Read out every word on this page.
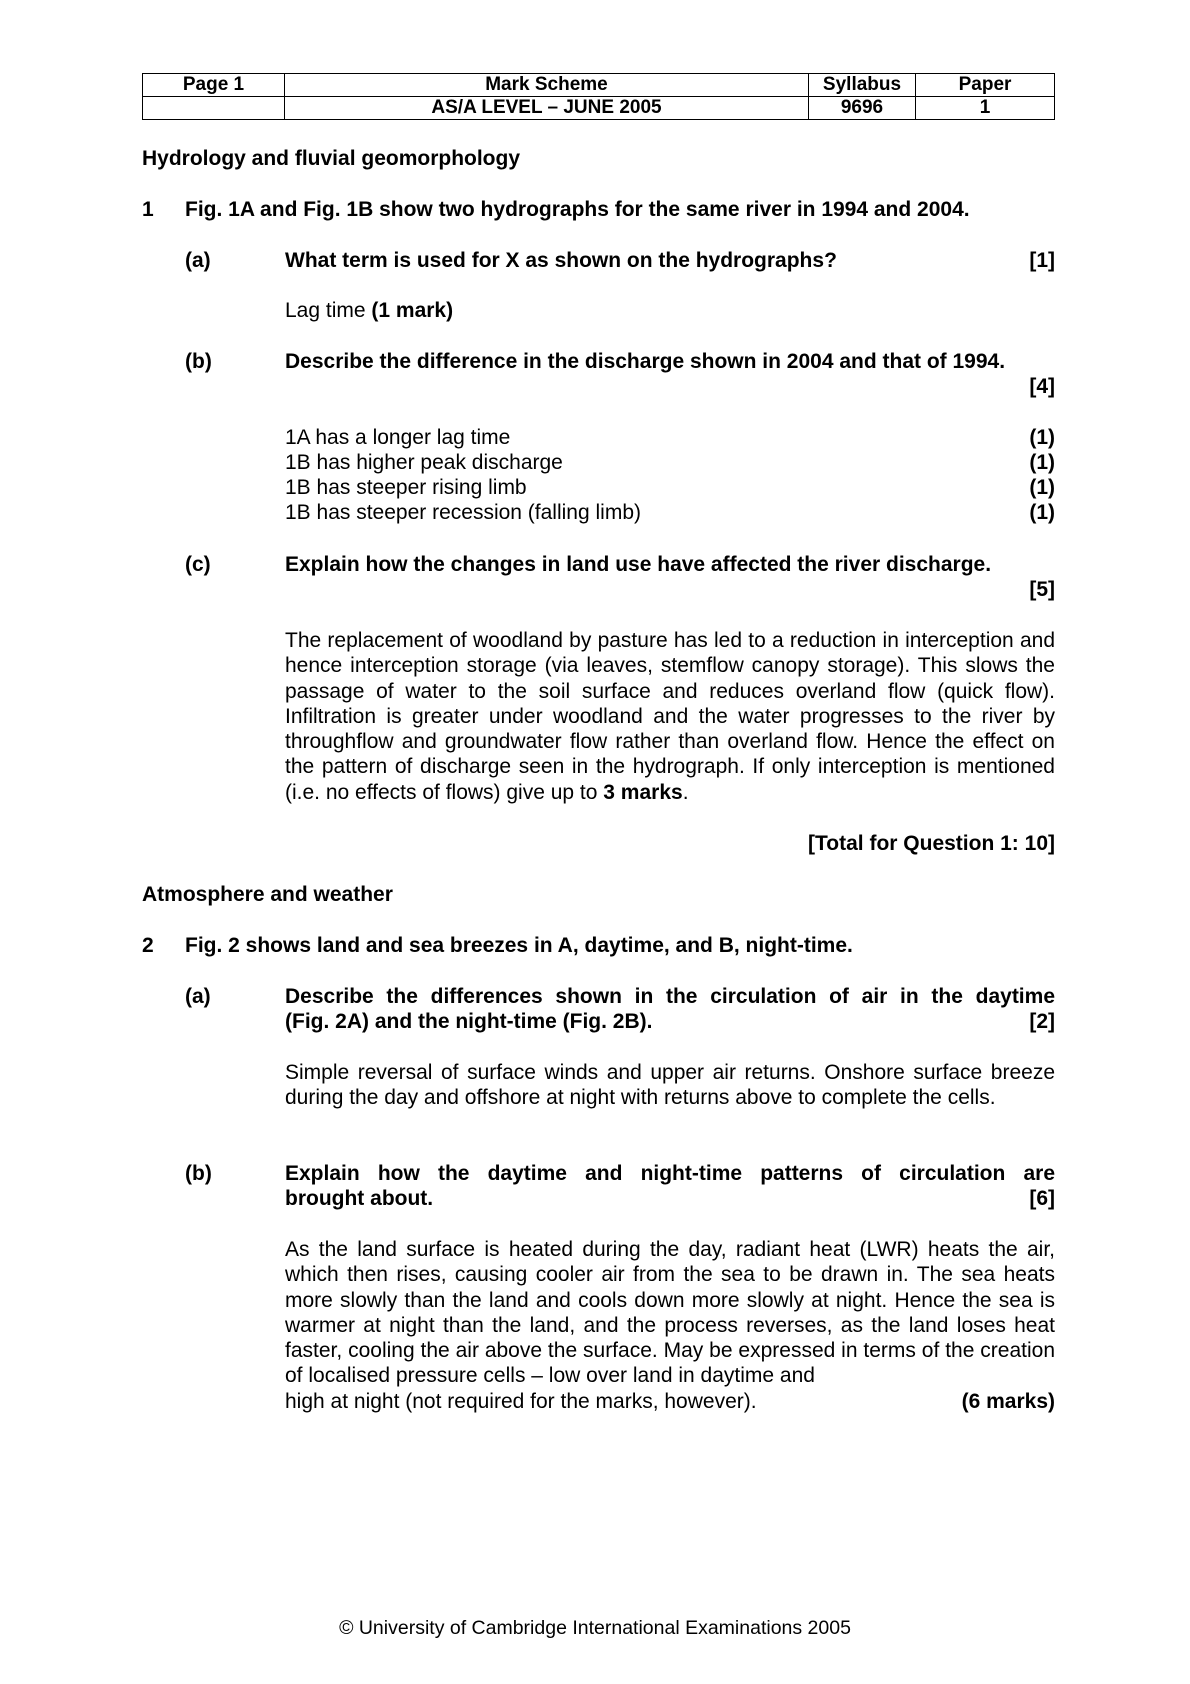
Page 1	Mark Scheme	Syllabus	Paper
	AS/A LEVEL – JUNE 2005	9696	1
Hydrology and fluvial geomorphology
1 Fig. 1A and Fig. 1B show two hydrographs for the same river in 1994 and 2004.
(a)	What term is used for X as shown on the hydrographs?	[1]
Lag time (1 mark)
(b)	Describe the difference in the discharge shown in 2004 and that of 1994.
[4]
1A has a longer lag time	(1)
1B has higher peak discharge	(1)
1B has steeper rising limb	(1)
1B has steeper recession (falling limb)	(1)
(c)	Explain how the changes in land use have affected the river discharge.
[5]
The replacement of woodland by pasture has led to a reduction in interception and hence interception storage (via leaves, stemflow canopy storage). This slows the passage of water to the soil surface and reduces overland flow (quick flow). Infiltration is greater under woodland and the water progresses to the river by throughflow and groundwater flow rather than overland flow. Hence the effect on the pattern of discharge seen in the hydrograph. If only interception is mentioned (i.e. no effects of flows) give up to 3 marks.
[Total for Question 1: 10]
Atmosphere and weather
2 Fig. 2 shows land and sea breezes in A, daytime, and B, night-time.
(a)	Describe the differences shown in the circulation of air in the daytime
(Fig. 2A) and the night-time (Fig. 2B).	[2]
Simple reversal of surface winds and upper air returns. Onshore surface breeze during the day and offshore at night with returns above to complete the cells.
(b)	Explain how the daytime and night-time patterns of circulation are
brought about.	[6]
As the land surface is heated during the day, radiant heat (LWR) heats the air, which then rises, causing cooler air from the sea to be drawn in. The sea heats more slowly than the land and cools down more slowly at night. Hence the sea is warmer at night than the land, and the process reverses, as the land loses heat faster, cooling the air above the surface. May be expressed in terms of the creation of localised pressure cells – low over land in daytime and
high at night (not required for the marks, however).	(6 marks)
© University of Cambridge International Examinations 2005
